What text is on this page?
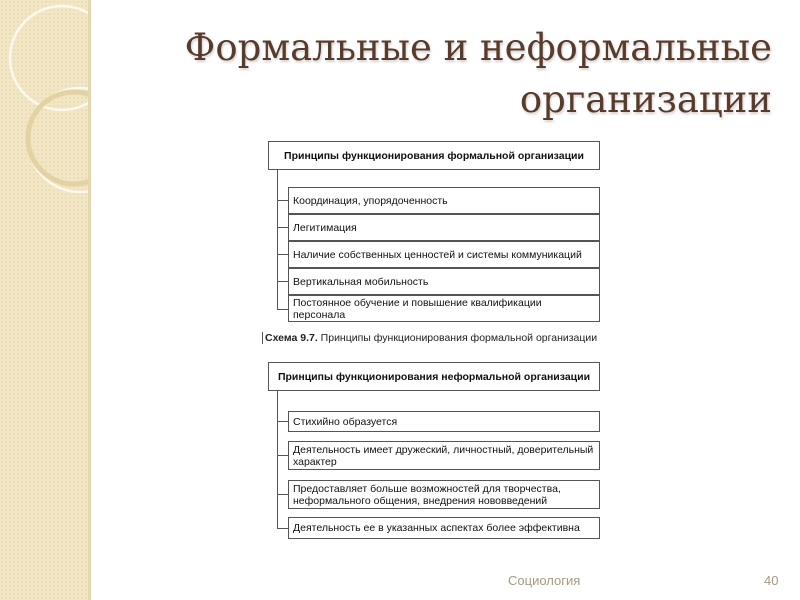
Формальные и неформальные организации
Принципы функционирования формальной организации
Координация, упорядоченность
Легитимация
Наличие собственных ценностей и системы коммуникаций
Вертикальная мобильность
Постоянное обучение и повышение квалификации персонала
Схема 9.7. Принципы функционирования формальной организации
Принципы функционирования неформальной организации
Стихийно образуется
Деятельность имеет дружеский, личностный, доверительный характер
Предоставляет больше возможностей для творчества, неформального общения, внедрения нововведений
Деятельность ее в указанных аспектах более эффективна
Социология	40
